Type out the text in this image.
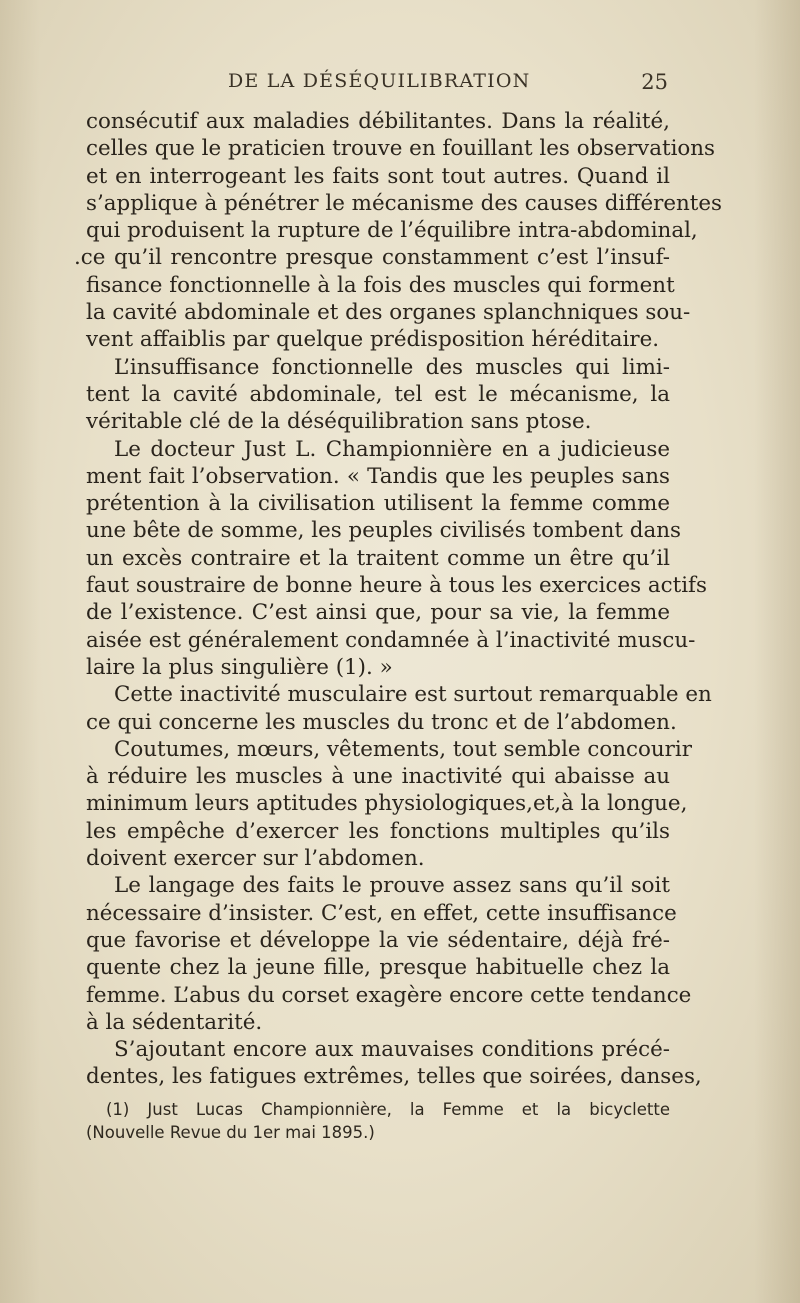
DE LA DÉSÉQUILIBRATION	25
consécutif aux maladies débilitantes. Dans la réalité,
celles que le praticien trouve en fouillant les observations
et en interrogeant les faits sont tout autres. Quand il
s’applique à pénétrer le mécanisme des causes différentes
qui produisent la rupture de l’équilibre intra-abdominal,
.ce qu’il rencontre presque constamment c’est l’insuf-
fisance fonctionnelle à la fois des muscles qui forment
la cavité abdominale et des organes splanchniques sou-
vent affaiblis par quelque prédisposition héréditaire.
L’insuffisance fonctionnelle des muscles qui limi-
tent la cavité abdominale, tel est le mécanisme, la
véritable clé de la déséquilibration sans ptose.
Le docteur Just L. Championnière en a judicieuse
ment fait l’observation. « Tandis que les peuples sans
prétention à la civilisation utilisent la femme comme
une bête de somme, les peuples civilisés tombent dans
un excès contraire et la traitent comme un être qu’il
faut soustraire de bonne heure à tous les exercices actifs
de l’existence. C’est ainsi que, pour sa vie, la femme
aisée est généralement condamnée à l’inactivité muscu-
laire la plus singulière (1). »
Cette inactivité musculaire est surtout remarquable en
ce qui concerne les muscles du tronc et de l’abdomen.
Coutumes, mœurs, vêtements, tout semble concourir
à réduire les muscles à une inactivité qui abaisse au
minimum leurs aptitudes physiologiques,et,à la longue,
les empêche d’exercer les fonctions multiples qu’ils
doivent exercer sur l’abdomen.
Le langage des faits le prouve assez sans qu’il soit
nécessaire d’insister. C’est, en effet, cette insuffisance
que favorise et développe la vie sédentaire, déjà fré-
quente chez la jeune fille, presque habituelle chez la
femme. L’abus du corset exagère encore cette tendance
à la sédentarité.
S’ajoutant encore aux mauvaises conditions précé-
dentes, les fatigues extrêmes, telles que soirées, danses,
(1) Just Lucas Championnière, la Femme et la bicyclette
(Nouvelle Revue du 1er mai 1895.)
